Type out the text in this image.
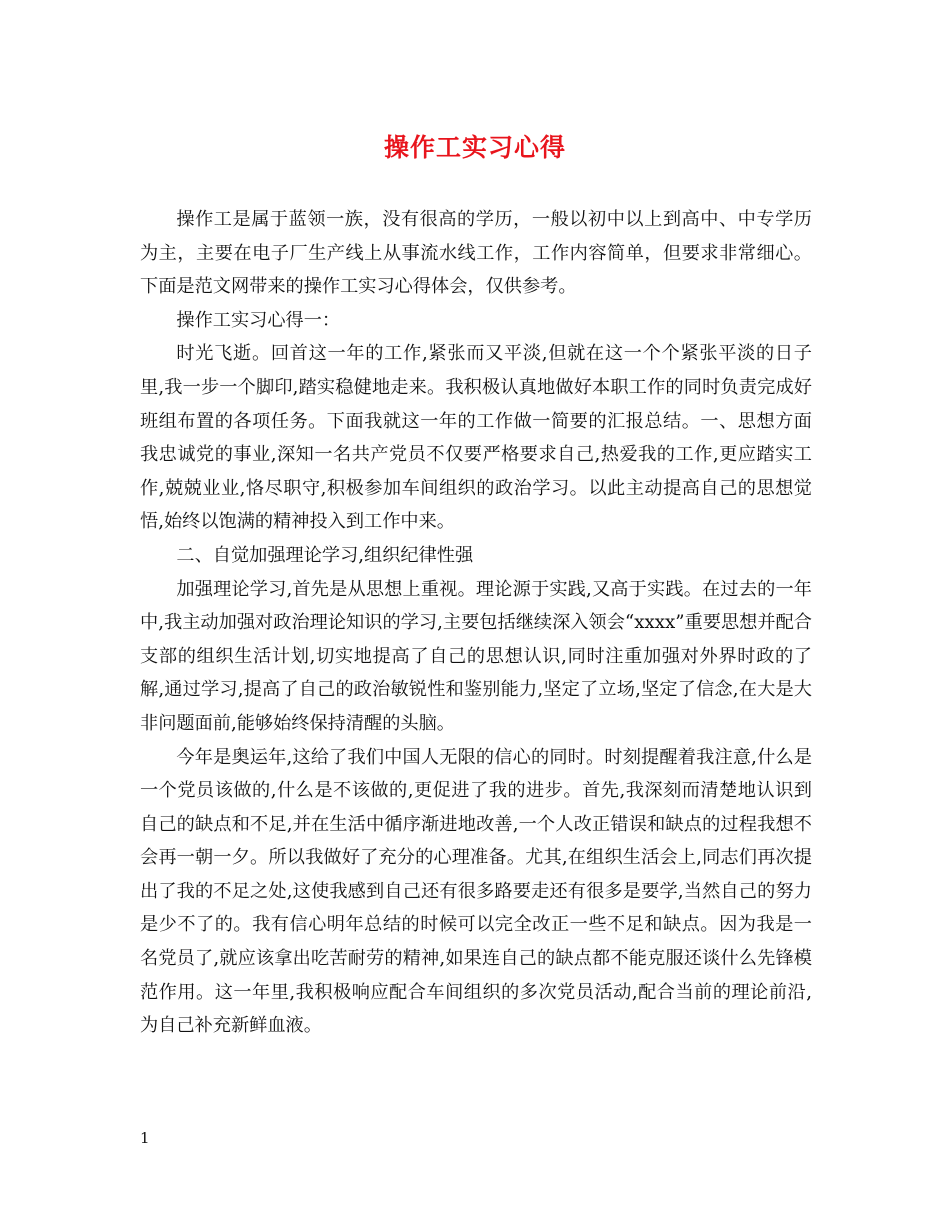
操作工实习心得

操作工是属于蓝领一族，没有很高的学历，一般以初中以上到高中、中专学历为主，主要在电子厂生产线上从事流水线工作，工作内容简单，但要求非常细心。下面是范文网带来的操作工实习心得体会，仅供参考。

操作工实习心得一：

时光飞逝。回首这一年的工作,紧张而又平淡,但就在这一个个紧张平淡的日子里,我一步一个脚印,踏实稳健地走来。我积极认真地做好本职工作的同时负责完成好班组布置的各项任务。下面我就这一年的工作做一简要的汇报总结。一、思想方面我忠诚党的事业,深知一名共产党员不仅要严格要求自己,热爱我的工作,更应踏实工作,兢兢业业,恪尽职守,积极参加车间组织的政治学习。以此主动提高自己的思想觉悟,始终以饱满的精神投入到工作中来。

二、自觉加强理论学习,组织纪律性强

加强理论学习,首先是从思想上重视。理论源于实践,又高于实践。在过去的一年中,我主动加强对政治理论知识的学习,主要包括继续深入领会“xxxx”重要思想并配合支部的组织生活计划,切实地提高了自己的思想认识,同时注重加强对外界时政的了解,通过学习,提高了自己的政治敏锐性和鉴别能力,坚定了立场,坚定了信念,在大是大非问题面前,能够始终保持清醒的头脑。

今年是奥运年,这给了我们中国人无限的信心的同时。时刻提醒着我注意,什么是一个党员该做的,什么是不该做的,更促进了我的进步。首先,我深刻而清楚地认识到自己的缺点和不足,并在生活中循序渐进地改善,一个人改正错误和缺点的过程我想不会再一朝一夕。所以我做好了充分的心理准备。尤其,在组织生活会上,同志们再次提出了我的不足之处,这使我感到自己还有很多路要走还有很多是要学,当然自己的努力是少不了的。我有信心明年总结的时候可以完全改正一些不足和缺点。因为我是一名党员了,就应该拿出吃苦耐劳的精神,如果连自己的缺点都不能克服还谈什么先锋模范作用。这一年里,我积极响应配合车间组织的多次党员活动,配合当前的理论前沿,为自己补充新鲜血液。

1
